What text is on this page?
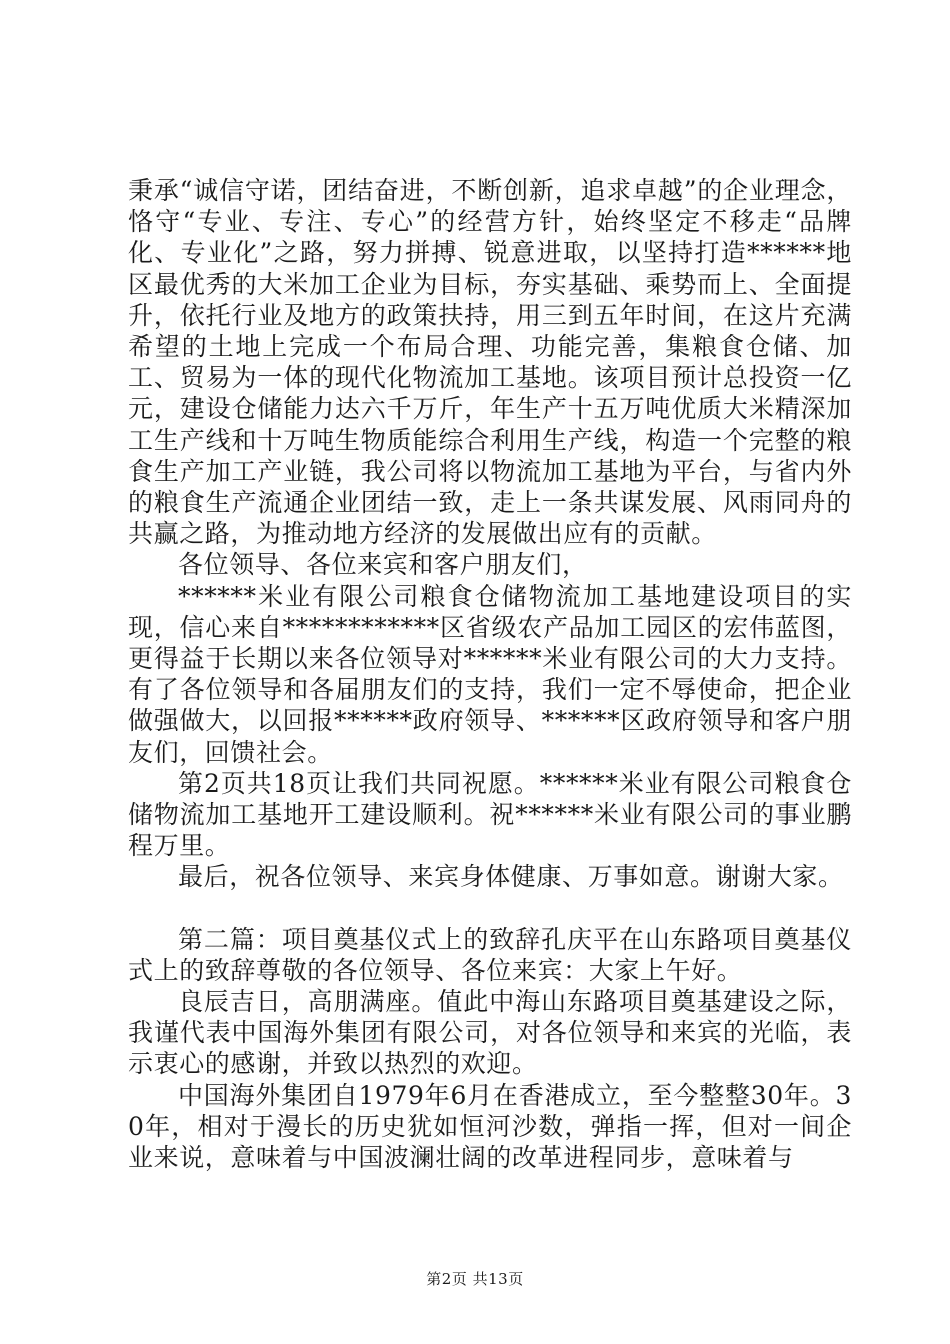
秉承“诚信守诺，团结奋进，不断创新，追求卓越”的企业理念，恪守“专业、专注、专心”的经营方针，始终坚定不移走“品牌化、专业化”之路，努力拼搏、锐意进取，以坚持打造******地区最优秀的大米加工企业为目标，夯实基础、乘势而上、全面提升，依托行业及地方的政策扶持，用三到五年时间，在这片充满希望的土地上完成一个布局合理、功能完善，集粮食仓储、加工、贸易为一体的现代化物流加工基地。该项目预计总投资一亿元，建设仓储能力达六千万斤，年生产十五万吨优质大米精深加工生产线和十万吨生物质能综合利用生产线，构造一个完整的粮食生产加工产业链，我公司将以物流加工基地为平台，与省内外的粮食生产流通企业团结一致，走上一条共谋发展、风雨同舟的共赢之路，为推动地方经济的发展做出应有的贡献。

各位领导、各位来宾和客户朋友们，

******米业有限公司粮食仓储物流加工基地建设项目的实现，信心来自************区省级农产品加工园区的宏伟蓝图，更得益于长期以来各位领导对******米业有限公司的大力支持。有了各位领导和各届朋友们的支持，我们一定不辱使命，把企业做强做大，以回报******政府领导、******区政府领导和客户朋友们，回馈社会。

第2页共18页让我们共同祝愿。******米业有限公司粮食仓储物流加工基地开工建设顺利。祝******米业有限公司的事业鹏程万里。

最后，祝各位领导、来宾身体健康、万事如意。谢谢大家。

第二篇：项目奠基仪式上的致辞孔庆平在山东路项目奠基仪式上的致辞尊敬的各位领导、各位来宾：大家上午好。

良辰吉日，高朋满座。值此中海山东路项目奠基建设之际，我谨代表中国海外集团有限公司，对各位领导和来宾的光临，表示衷心的感谢，并致以热烈的欢迎。

中国海外集团自1979年6月在香港成立，至今整整30年。30年，相对于漫长的历史犹如恒河沙数，弹指一挥，但对一间企业来说，意味着与中国波澜壮阔的改革进程同步，意味着与

第2页 共13页
